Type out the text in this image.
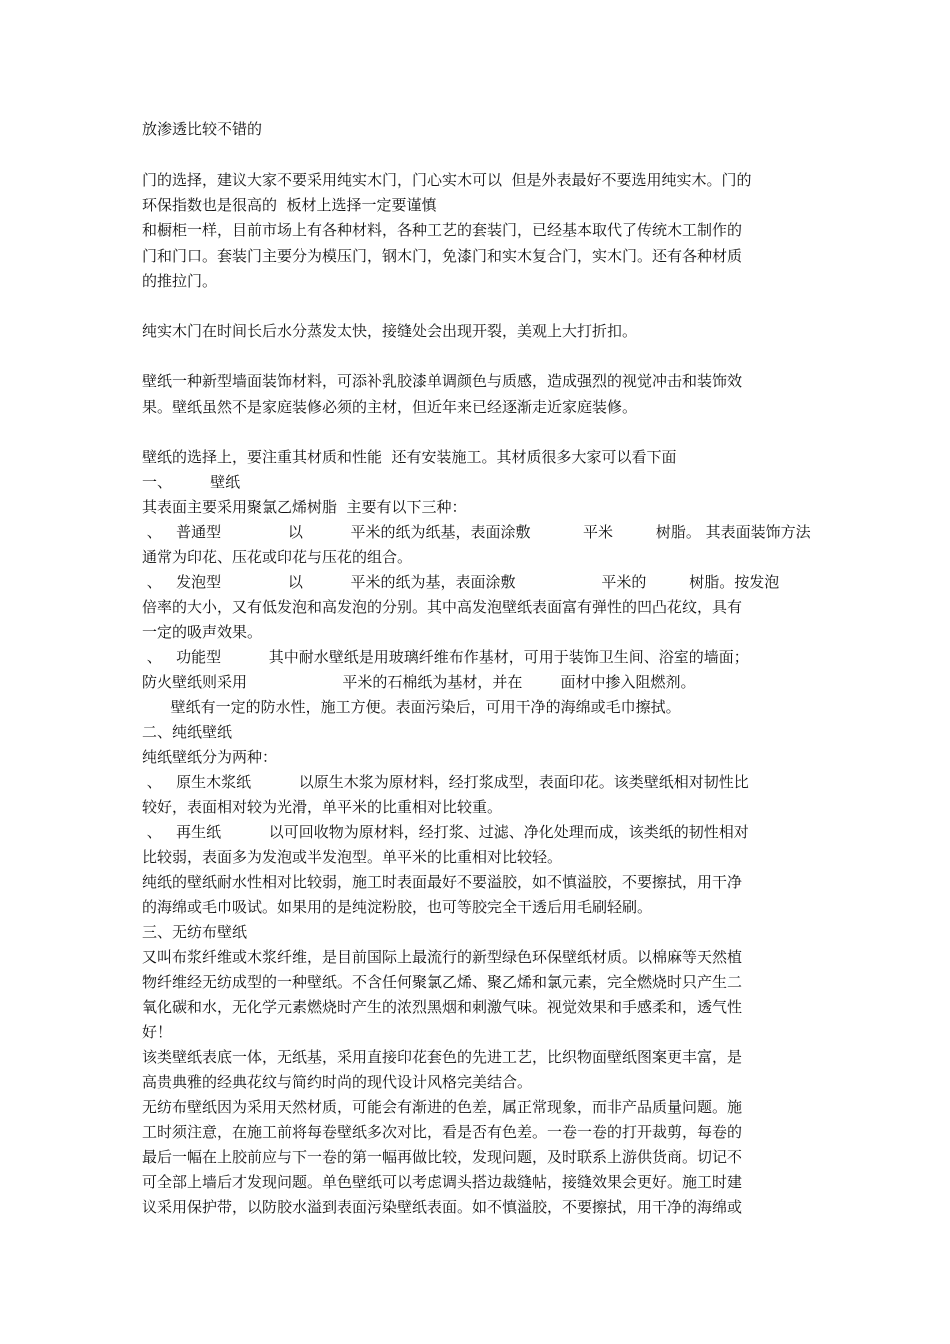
放渗透比较不错的
门的选择，建议大家不要采用纯实木门，门心实木可以  但是外表最好不要选用纯实木。门的
环保指数也是很高的  板材上选择一定要谨慎
和橱柜一样，目前市场上有各种材料，各种工艺的套装门，已经基本取代了传统木工制作的
门和门口。套装门主要分为模压门，钢木门，免漆门和实木复合门，实木门。还有各种材质
的推拉门。
纯实木门在时间长后水分蒸发太快，接缝处会出现开裂，美观上大打折扣。
壁纸一种新型墙面装饰材料，可添补乳胶漆单调颜色与质感，造成强烈的视觉冲击和装饰效
果。壁纸虽然不是家庭装修必须的主材，但近年来已经逐渐走近家庭装修。
壁纸的选择上，要注重其材质和性能  还有安装施工。其材质很多大家可以看下面
一、        壁纸
其表面主要采用聚氯乙烯树脂  主要有以下三种：
、   普通型              以          平米的纸为纸基，表面涂敷           平米         树脂。 其表面装饰方法
通常为印花、压花或印花与压花的组合。
、   发泡型              以          平米的纸为基，表面涂敷                  平米的         树脂。按发泡
倍率的大小，又有低发泡和高发泡的分别。其中高发泡壁纸表面富有弹性的凹凸花纹，具有
一定的吸声效果。
、   功能型          其中耐水壁纸是用玻璃纤维布作基材，可用于装饰卫生间、浴室的墙面；
防火壁纸则采用                    平米的石棉纸为基材，并在        面材中掺入阻燃剂。
壁纸有一定的防水性，施工方便。表面污染后，可用干净的海绵或毛巾擦拭。
二、纯纸壁纸
纯纸壁纸分为两种：
、   原生木浆纸          以原生木浆为原材料，经打浆成型，表面印花。该类壁纸相对韧性比
较好，表面相对较为光滑，单平米的比重相对比较重。
、   再生纸          以可回收物为原材料，经打浆、过滤、净化处理而成，该类纸的韧性相对
比较弱，表面多为发泡或半发泡型。单平米的比重相对比较轻。
纯纸的壁纸耐水性相对比较弱，施工时表面最好不要溢胶，如不慎溢胶，不要擦拭，用干净
的海绵或毛巾吸试。如果用的是纯淀粉胶，也可等胶完全干透后用毛刷轻刷。
三、无纺布壁纸
又叫布浆纤维或木浆纤维，是目前国际上最流行的新型绿色环保壁纸材质。以棉麻等天然植
物纤维经无纺成型的一种壁纸。不含任何聚氯乙烯、聚乙烯和氯元素，完全燃烧时只产生二
氧化碳和水，无化学元素燃烧时产生的浓烈黑烟和刺激气味。视觉效果和手感柔和，透气性
好！
该类壁纸表底一体，无纸基，采用直接印花套色的先进工艺，比织物面壁纸图案更丰富，是
高贵典雅的经典花纹与简约时尚的现代设计风格完美结合。
无纺布壁纸因为采用天然材质，可能会有渐进的色差，属正常现象，而非产品质量问题。施
工时须注意，在施工前将每卷壁纸多次对比，看是否有色差。一卷一卷的打开裁剪，每卷的
最后一幅在上胶前应与下一卷的第一幅再做比较，发现问题，及时联系上游供货商。切记不
可全部上墙后才发现问题。单色壁纸可以考虑调头搭边裁缝帖，接缝效果会更好。施工时建
议采用保护带，以防胶水溢到表面污染壁纸表面。如不慎溢胶，不要擦拭，用干净的海绵或
